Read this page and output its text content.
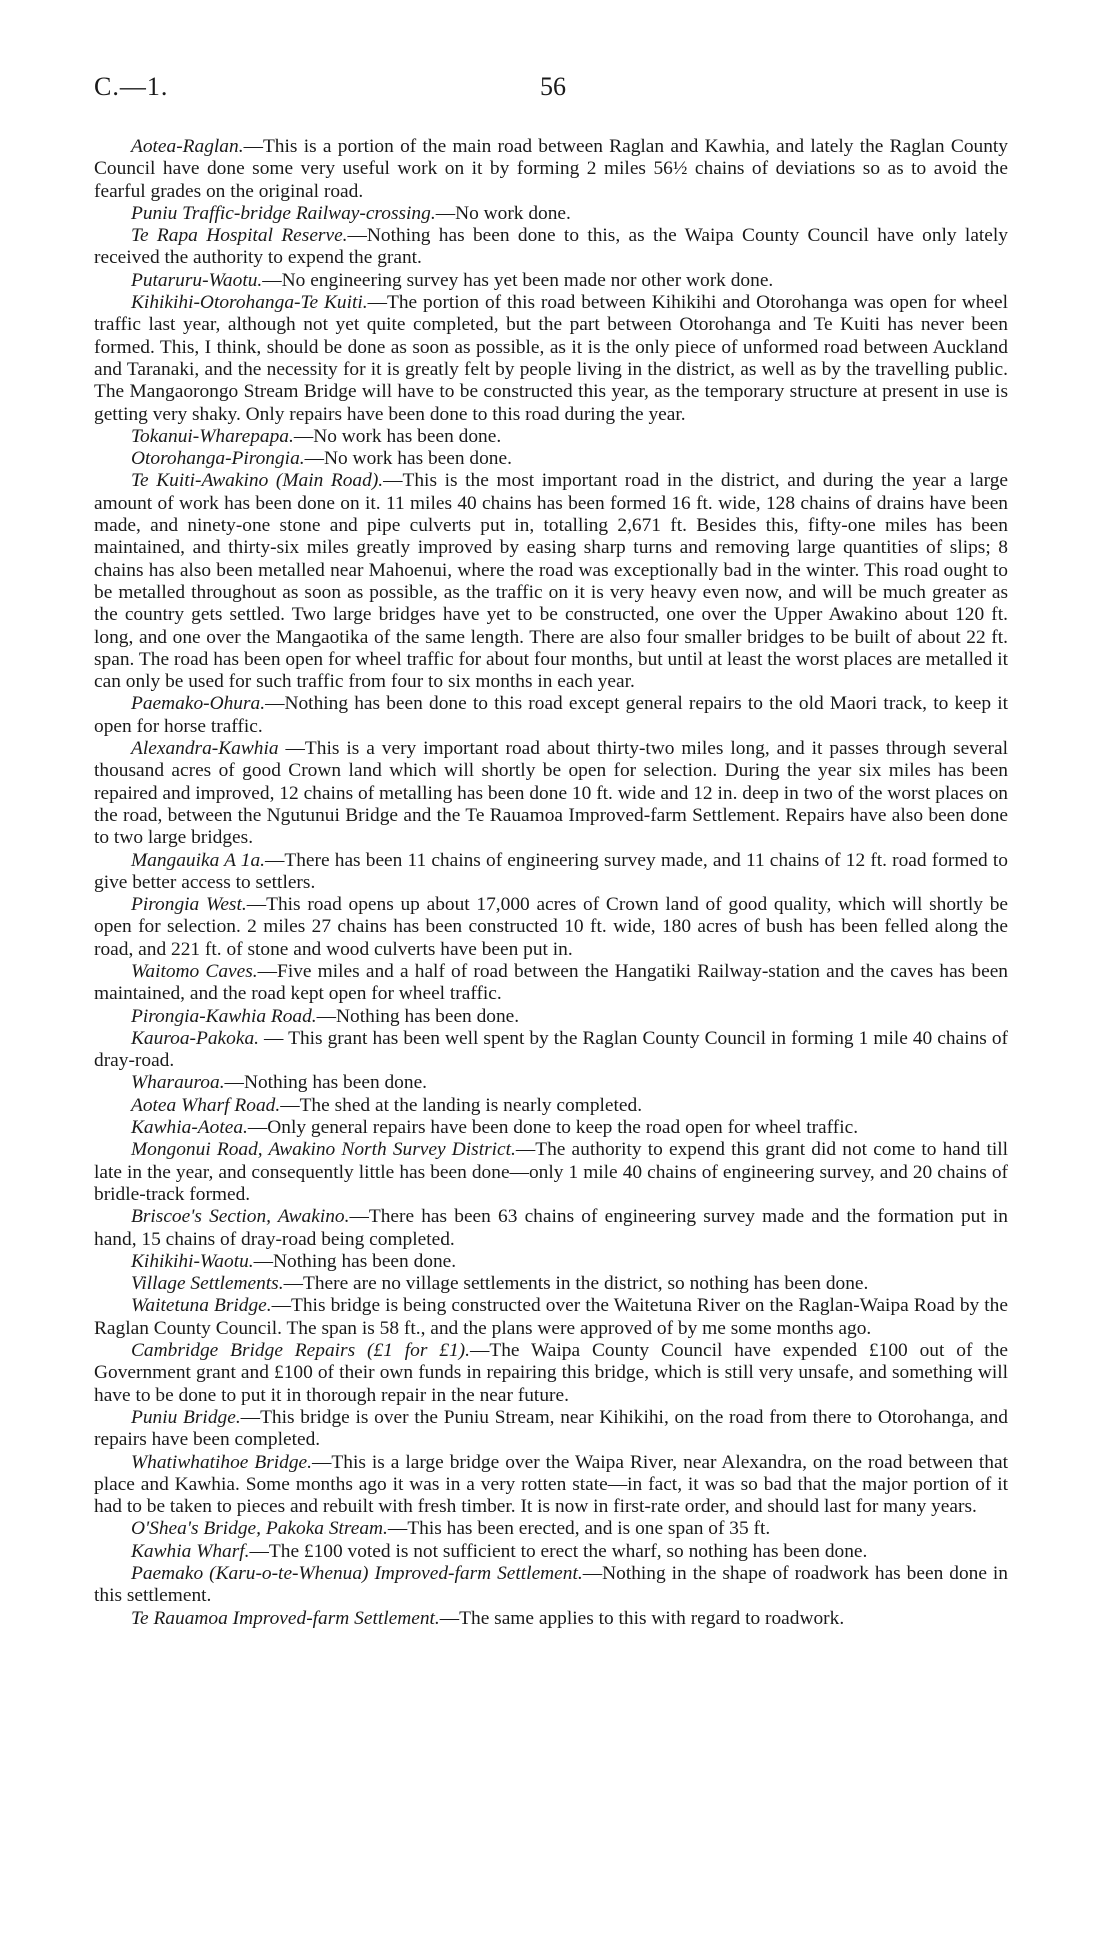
C.—1.	56

Aotea-Raglan.—This is a portion of the main road between Raglan and Kawhia, and lately the Raglan County Council have done some very useful work on it by forming 2 miles 56½ chains of deviations so as to avoid the fearful grades on the original road.

Puniu Traffic-bridge Railway-crossing.—No work done.

Te Rapa Hospital Reserve.—Nothing has been done to this, as the Waipa County Council have only lately received the authority to expend the grant.

Putaruru-Waotu.—No engineering survey has yet been made nor other work done.

Kihikihi-Otorohanga-Te Kuiti.—The portion of this road between Kihikihi and Otorohanga was open for wheel traffic last year, although not yet quite completed, but the part between Otorohanga and Te Kuiti has never been formed. This, I think, should be done as soon as possible, as it is the only piece of unformed road between Auckland and Taranaki, and the necessity for it is greatly felt by people living in the district, as well as by the travelling public. The Mangaorongo Stream Bridge will have to be constructed this year, as the temporary structure at present in use is getting very shaky. Only repairs have been done to this road during the year.

Tokanui-Wharepapa.—No work has been done.

Otorohanga-Pirongia.—No work has been done.

Te Kuiti-Awakino (Main Road).—This is the most important road in the district, and during the year a large amount of work has been done on it. 11 miles 40 chains has been formed 16 ft. wide, 128 chains of drains have been made, and ninety-one stone and pipe culverts put in, totalling 2,671 ft. Besides this, fifty-one miles has been maintained, and thirty-six miles greatly improved by easing sharp turns and removing large quantities of slips; 8 chains has also been metalled near Mahoenui, where the road was exceptionally bad in the winter. This road ought to be metalled throughout as soon as possible, as the traffic on it is very heavy even now, and will be much greater as the country gets settled. Two large bridges have yet to be constructed, one over the Upper Awakino about 120 ft. long, and one over the Mangaotika of the same length. There are also four smaller bridges to be built of about 22 ft. span. The road has been open for wheel traffic for about four months, but until at least the worst places are metalled it can only be used for such traffic from four to six months in each year.

Paemako-Ohura.—Nothing has been done to this road except general repairs to the old Maori track, to keep it open for horse traffic.

Alexandra-Kawhia —This is a very important road about thirty-two miles long, and it passes through several thousand acres of good Crown land which will shortly be open for selection. During the year six miles has been repaired and improved, 12 chains of metalling has been done 10 ft. wide and 12 in. deep in two of the worst places on the road, between the Ngutunui Bridge and the Te Rauamoa Improved-farm Settlement. Repairs have also been done to two large bridges.

Mangauika A 1a.—There has been 11 chains of engineering survey made, and 11 chains of 12 ft. road formed to give better access to settlers.

Pirongia West.—This road opens up about 17,000 acres of Crown land of good quality, which will shortly be open for selection. 2 miles 27 chains has been constructed 10 ft. wide, 180 acres of bush has been felled along the road, and 221 ft. of stone and wood culverts have been put in.

Waitomo Caves.—Five miles and a half of road between the Hangatiki Railway-station and the caves has been maintained, and the road kept open for wheel traffic.

Pirongia-Kawhia Road.—Nothing has been done.

Kauroa-Pakoka. — This grant has been well spent by the Raglan County Council in forming 1 mile 40 chains of dray-road.

Wharauroa.—Nothing has been done.

Aotea Wharf Road.—The shed at the landing is nearly completed.

Kawhia-Aotea.—Only general repairs have been done to keep the road open for wheel traffic.

Mongonui Road, Awakino North Survey District.—The authority to expend this grant did not come to hand till late in the year, and consequently little has been done—only 1 mile 40 chains of engineering survey, and 20 chains of bridle-track formed.

Briscoe's Section, Awakino.—There has been 63 chains of engineering survey made and the formation put in hand, 15 chains of dray-road being completed.

Kihikihi-Waotu.—Nothing has been done.

Village Settlements.—There are no village settlements in the district, so nothing has been done.

Waitetuna Bridge.—This bridge is being constructed over the Waitetuna River on the Raglan-Waipa Road by the Raglan County Council. The span is 58 ft., and the plans were approved of by me some months ago.

Cambridge Bridge Repairs (£1 for £1).—The Waipa County Council have expended £100 out of the Government grant and £100 of their own funds in repairing this bridge, which is still very unsafe, and something will have to be done to put it in thorough repair in the near future.

Puniu Bridge.—This bridge is over the Puniu Stream, near Kihikihi, on the road from there to Otorohanga, and repairs have been completed.

Whatiwhatihoe Bridge.—This is a large bridge over the Waipa River, near Alexandra, on the road between that place and Kawhia. Some months ago it was in a very rotten state—in fact, it was so bad that the major portion of it had to be taken to pieces and rebuilt with fresh timber. It is now in first-rate order, and should last for many years.

O'Shea's Bridge, Pakoka Stream.—This has been erected, and is one span of 35 ft.

Kawhia Wharf.—The £100 voted is not sufficient to erect the wharf, so nothing has been done.

Paemako (Karu-o-te-Whenua) Improved-farm Settlement.—Nothing in the shape of roadwork has been done in this settlement.

Te Rauamoa Improved-farm Settlement.—The same applies to this with regard to roadwork.
